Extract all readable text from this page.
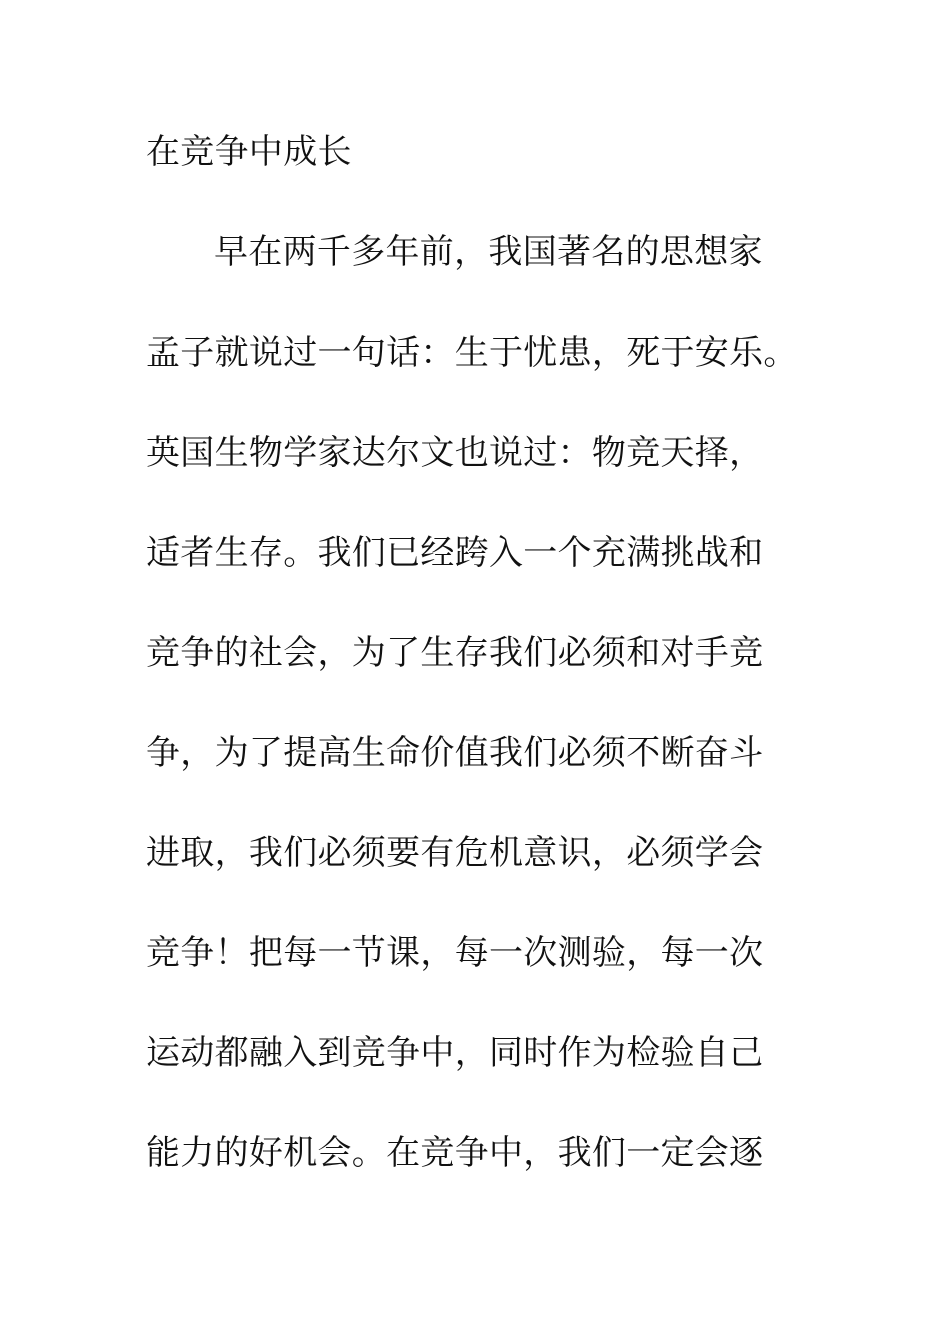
在竞争中成长
早在两千多年前，我国著名的思想家
孟子就说过一句话：生于忧患，死于安乐。
英国生物学家达尔文也说过：物竞天择，
适者生存。我们已经跨入一个充满挑战和
竞争的社会，为了生存我们必须和对手竞
争，为了提高生命价值我们必须不断奋斗
进取，我们必须要有危机意识，必须学会
竞争！把每一节课，每一次测验，每一次
运动都融入到竞争中，同时作为检验自己
能力的好机会。在竞争中，我们一定会逐
